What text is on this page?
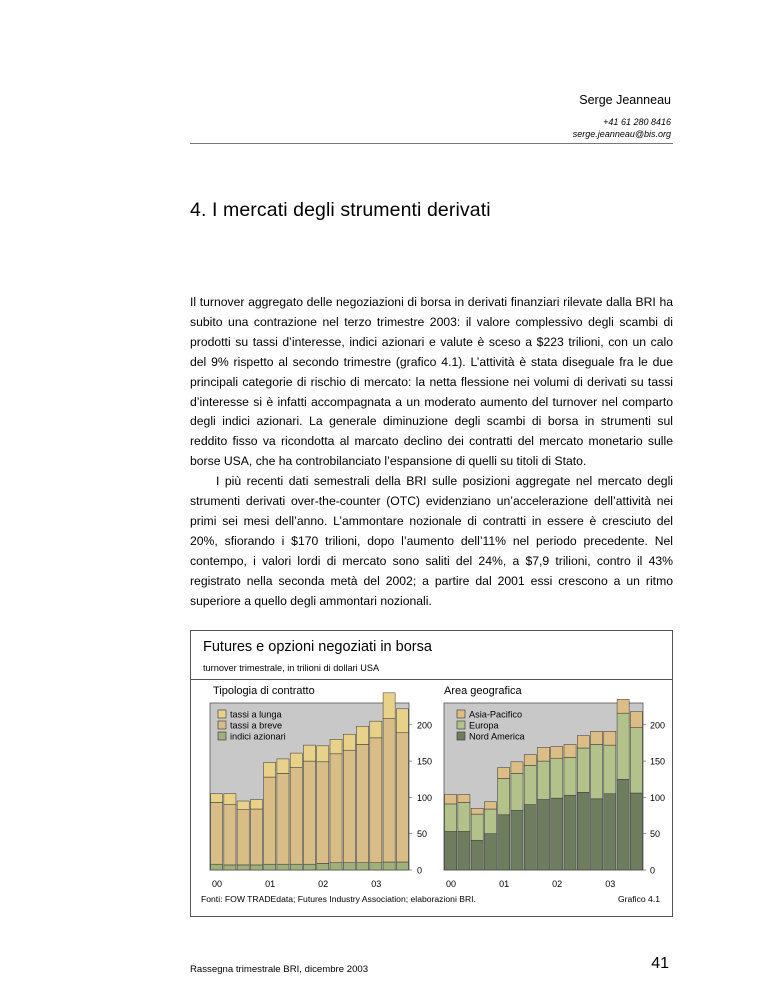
Serge Jeanneau
+41 61 280 8416
serge.jeanneau@bis.org
4. I mercati degli strumenti derivati

Il turnover aggregato delle negoziazioni di borsa in derivati finanziari rilevate dalla BRI ha subito una contrazione nel terzo trimestre 2003: il valore complessivo degli scambi di prodotti su tassi d’interesse, indici azionari e valute è sceso a $223 trilioni, con un calo del 9% rispetto al secondo trimestre (grafico 4.1). L’attività è stata diseguale fra le due principali categorie di rischio di mercato: la netta flessione nei volumi di derivati su tassi d’interesse si è infatti accompagnata a un moderato aumento del turnover nel comparto degli indici azionari. La generale diminuzione degli scambi di borsa in strumenti sul reddito fisso va ricondotta al marcato declino dei contratti del mercato monetario sulle borse USA, che ha controbilanciato l’espansione di quelli su titoli di Stato.

I più recenti dati semestrali della BRI sulle posizioni aggregate nel mercato degli strumenti derivati over-the-counter (OTC) evidenziano un’accelerazione dell’attività nei primi sei mesi dell’anno. L’ammontare nozionale di contratti in essere è cresciuto del 20%, sfiorando i $170 trilioni, dopo l’aumento dell’11% nel periodo precedente. Nel contempo, i valori lordi di mercato sono saliti del 24%, a $7,9 trilioni, contro il 43% registrato nella seconda metà del 2002; a partire dal 2001 essi crescono a un ritmo superiore a quello degli ammontari nozionali.

Futures e opzioni negoziati in borsa
turnover trimestrale, in trilioni di dollari USA
Tipologia di contratto	Area geografica
0
50
100
150
200
00	01	02	03
tassi a lunga
tassi a breve
indici azionari
0
50
100
150
200
00	01	02	03
Asia-Pacifico
Europa
Nord America
Fonti: FOW TRADEdata; Futures Industry Association; elaborazioni BRI.	Grafico 4.1
Rassegna trimestrale BRI, dicembre 2003	41
